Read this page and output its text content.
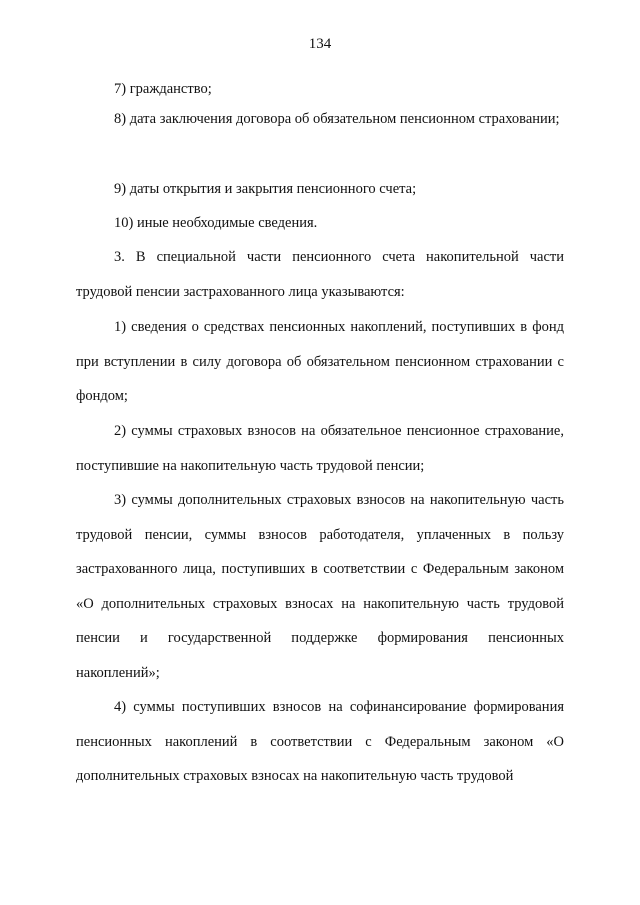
134

7) гражданство;

8) дата заключения договора об обязательном пенсионном страховании;

9) даты открытия и закрытия пенсионного счета;

10) иные необходимые сведения.

3. В специальной части пенсионного счета накопительной части трудовой пенсии застрахованного лица указываются:

1) сведения о средствах пенсионных накоплений, поступивших в фонд при вступлении в силу договора об обязательном пенсионном страховании с фондом;

2) суммы страховых взносов на обязательное пенсионное страхование, поступившие на накопительную часть трудовой пенсии;

3) суммы дополнительных страховых взносов на накопительную часть трудовой пенсии, суммы взносов работодателя, уплаченных в пользу застрахованного лица, поступивших в соответствии с Федеральным законом «О дополнительных страховых взносах на накопительную часть трудовой пенсии и государственной поддержке формирования пенсионных накоплений»;

4) суммы поступивших взносов на софинансирование формирования пенсионных накоплений в соответствии с Федеральным законом «О дополнительных страховых взносах на накопительную часть трудовой
